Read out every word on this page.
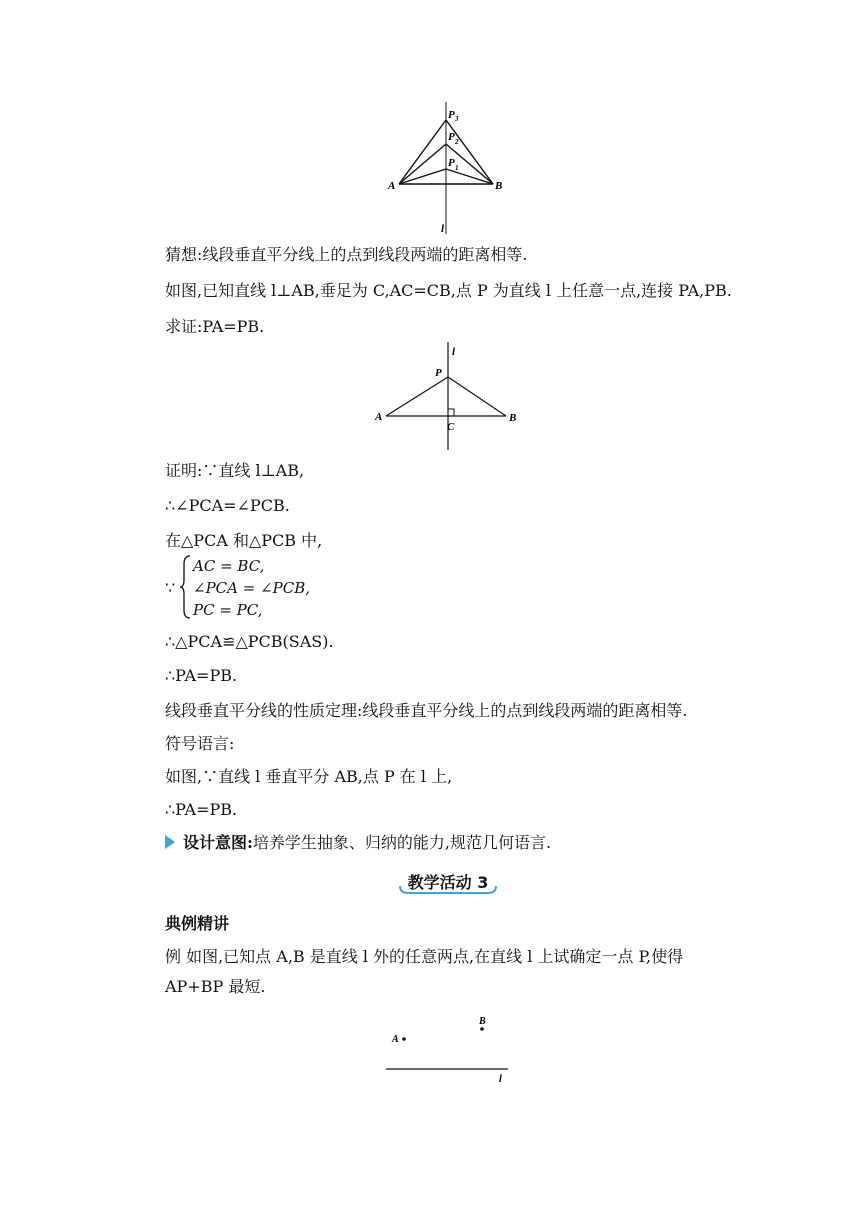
P 3
P 2
P 1
A	B
l
猜想:线段垂直平分线上的点到线段两端的距离相等.
如图,已知直线 l⊥AB,垂足为 C,AC=CB,点 P 为直线 l 上任意一点,连接 PA,PB.
求证:PA=PB.
l
P
A	B
C
证明:∵直线 l⊥AB,
∴∠PCA=∠PCB.
在△PCA 和△PCB 中,
∵
AC = BC,
∠PCA = ∠PCB,
PC = PC,
∴△PCA≌△PCB(SAS).
∴PA=PB.
线段垂直平分线的性质定理:线段垂直平分线上的点到线段两端的距离相等.
符号语言:
如图,∵直线 l 垂直平分 AB,点 P 在 l 上,
∴PA=PB.
设计意图:培养学生抽象、归纳的能力,规范几何语言.
教学活动 3
典例精讲
例 如图,已知点 A,B 是直线 l 外的任意两点,在直线 l 上试确定一点 P,使得
AP+BP 最短.
A
B
l
